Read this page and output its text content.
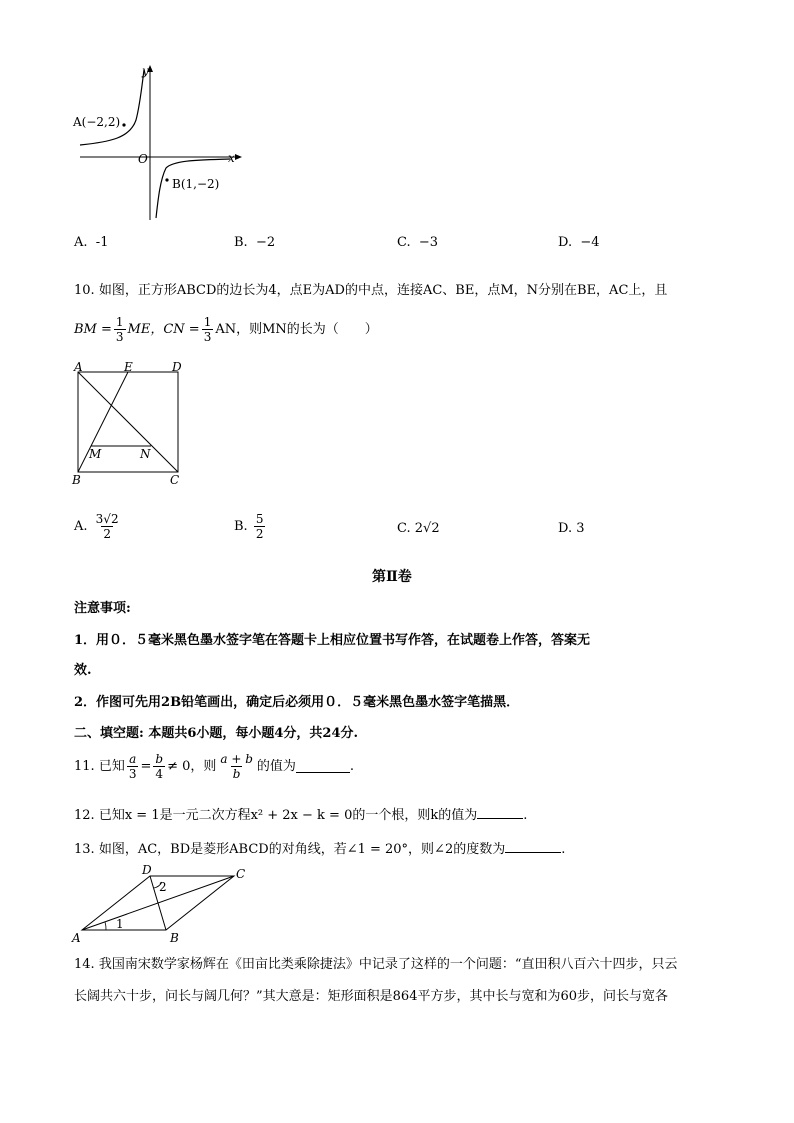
y
x
O
A(−2,2)
B(1,−2)
A. -1	B. −2	C. −3	D. −4
10. 如图，正方形ABCD的边长为4，点E为AD的中点，连接AC、BE，点M，N分别在BE，AC上，且
BM = $\frac{1}{3}$ ME，CN = $\frac{1}{3}$ AN，则MN的长为（　　）
A	E	D
M	N
B	C
A.
$\frac{3√2}{2}$	B.
$\frac{5}{2}$	C. 2√2	D. 3
第Ⅱ卷
注意事项:
1．用０．５毫米黑色墨水签字笔在答题卡上相应位置书写作答，在试题卷上作答，答案无
效.
2．作图可先用2B铅笔画出，确定后必须用０．５毫米黑色墨水签字笔描黑．
二、填空题: 本题共6小题，每小题4分，共24分.
11.
已知 $\frac{a}{3} = \frac{b}{4} \ne 0$，则 $\frac{a + b}{b}$ 的值为	.
12. 已知x = 1是一元二次方程x² + 2x − k = 0的一个根，则k的值为	.
13. 如图，AC，BD是菱形ABCD的对角线，若∠1 = 20°，则∠2的度数为	.
D	C
A	B
1
2
14. 我国南宋数学家杨辉在《田亩比类乘除捷法》中记录了这样的一个问题：“直田积八百六十四步，只云
长阔共六十步，问长与阔几何？”其大意是：矩形面积是864平方步，其中长与宽和为60步，问长与宽各
